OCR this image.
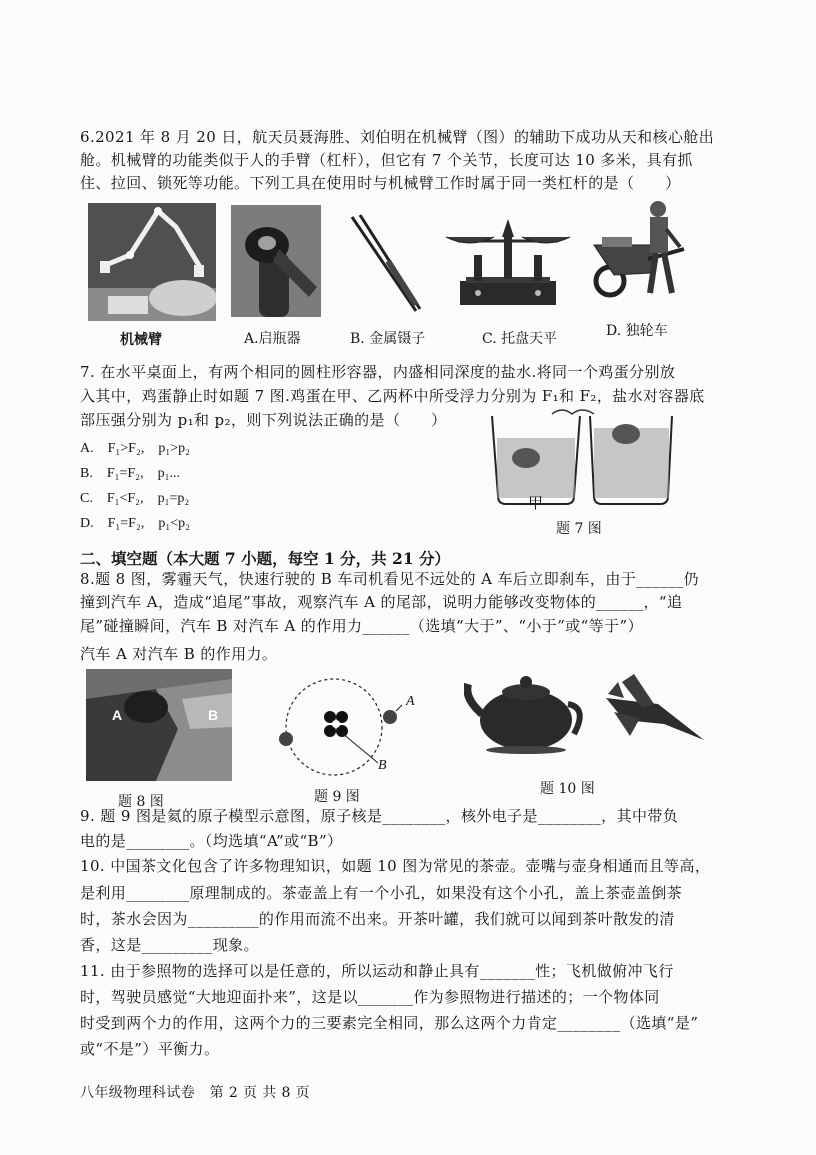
6.2021 年 8 月 20 日，航天员聂海胜、刘伯明在机械臂（图）的辅助下成功从天和核心舱出
舱。机械臂的功能类似于人的手臂（杠杆），但它有 7 个关节，长度可达 10 多米，具有抓
住、拉回、锁死等功能。下列工具在使用时与机械臂工作时属于同一类杠杆的是（　　）
机械臂	A.启瓶器	B. 金属镊子	C. 托盘天平	D. 独轮车
7. 在水平桌面上，有两个相同的圆柱形容器，内盛相同深度的盐水.将同一个鸡蛋分别放
入其中，鸡蛋静止时如题 7 图.鸡蛋在甲、乙两杯中所受浮力分别为 F₁和 F₂，盐水对容器底
部压强分别为 p₁和 p₂，则下列说法正确的是（　　）
A.　F₁>F₂,　p₁>p₂
B.　F₁=F₂,　p₁...
C.　F₁<F₂,　p₁=p₂
D.　F₁=F₂,　p₁<p₂
甲
题 7 图
二、填空题（本大题 7 小题，每空 1 分，共 21 分）
8.题 8 图，雾霾天气，快速行驶的 B 车司机看见不远处的 A 车后立即刹车，由于______仍
撞到汽车 A，造成“追尾”事故，观察汽车 A 的尾部，说明力能够改变物体的______，“追
尾”碰撞瞬间，汽车 B 对汽车 A 的作用力______（选填“大于”、“小于”或“等于”）
汽车 A 对汽车 B 的作用力。
A	B
A
B
题 8 图	题 9 图	题 10 图
9. 题 9 图是氦的原子模型示意图，原子核是________，核外电子是________，其中带负
电的是________。（均选填“A”或“B”）
10. 中国茶文化包含了许多物理知识，如题 10 图为常见的茶壶。壶嘴与壶身相通而且等高，
是利用________原理制成的。茶壶盖上有一个小孔，如果没有这个小孔，盖上茶壶盖倒茶
时，茶水会因为_________的作用而流不出来。开茶叶罐，我们就可以闻到茶叶散发的清
香，这是_________现象。
11. 由于参照物的选择可以是任意的，所以运动和静止具有_______性；飞机做俯冲飞行
时，驾驶员感觉“大地迎面扑来”，这是以_______作为参照物进行描述的；一个物体同
时受到两个力的作用，这两个力的三要素完全相同，那么这两个力肯定________（选填“是”
或“不是”）平衡力。
八年级物理科试卷　第 2 页 共 8 页
